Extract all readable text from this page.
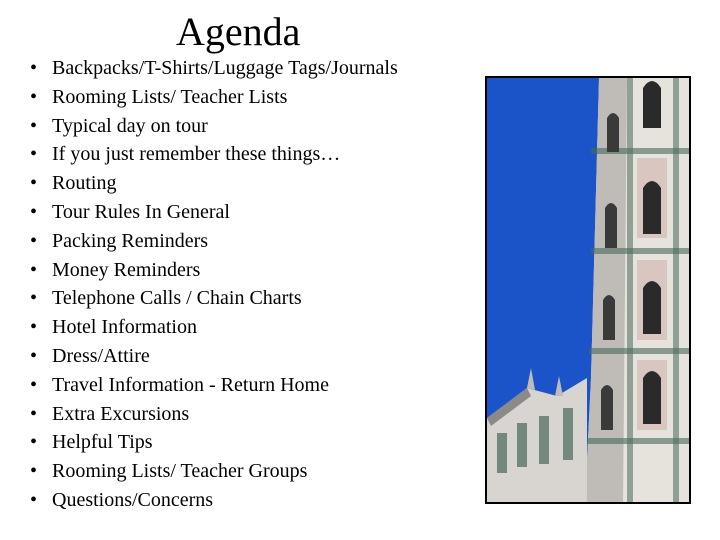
Agenda
• Backpacks/T-Shirts/Luggage Tags/Journals
• Rooming Lists/ Teacher Lists
• Typical day on tour
• If you just remember these things…
• Routing
• Tour Rules In General
• Packing Reminders
• Money Reminders
• Telephone Calls / Chain Charts
• Hotel Information
• Dress/Attire
• Travel Information - Return Home
• Extra Excursions
• Helpful Tips
• Rooming Lists/ Teacher Groups
• Questions/Concerns
